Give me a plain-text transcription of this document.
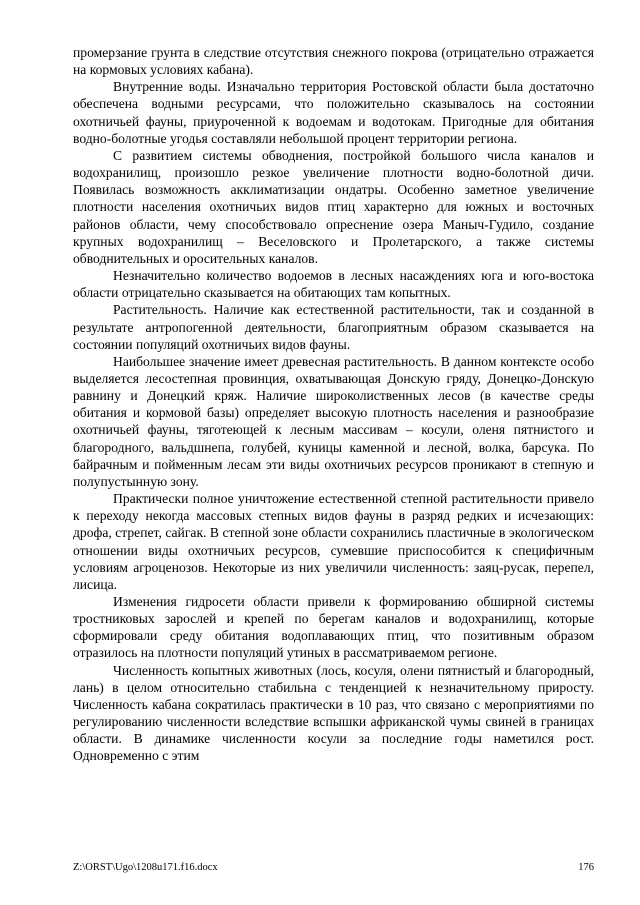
промерзание грунта в следствие отсутствия снежного покрова (отрицательно отражается на кормовых условиях кабана).

Внутренние воды. Изначально территория Ростовской области была достаточно обеспечена водными ресурсами, что положительно сказывалось на состоянии охотничьей фауны, приуроченной к водоемам и водотокам. Пригодные для обитания водно-болотные угодья составляли небольшой процент территории региона.

С развитием системы обводнения, постройкой большого числа каналов и водохранилищ, произошло резкое увеличение плотности водно-болотной дичи. Появилась возможность акклиматизации ондатры. Особенно заметное увеличение плотности населения охотничьих видов птиц характерно для южных и восточных районов области, чему способствовало опреснение озера Маныч-Гудило, создание крупных водохранилищ – Веселовского и Пролетарского, а также системы обводнительных и оросительных каналов.

Незначительно количество водоемов в лесных насаждениях юга и юго-востока области отрицательно сказывается на обитающих там копытных.

Растительность. Наличие как естественной растительности, так и созданной в результате антропогенной деятельности, благоприятным образом сказывается на состоянии популяций охотничьих видов фауны.

Наибольшее значение имеет древесная растительность. В данном контексте особо выделяется лесостепная провинция, охватывающая Донскую гряду, Донецко-Донскую равнину и Донецкий кряж. Наличие широколиственных лесов (в качестве среды обитания и кормовой базы) определяет высокую плотность населения и разнообразие охотничьей фауны, тяготеющей к лесным массивам – косули, оленя пятнистого и благородного, вальдшнепа, голубей, куницы каменной и лесной, волка, барсука. По байрачным и пойменным лесам эти виды охотничьих ресурсов проникают в степную и полупустынную зону.

Практически полное уничтожение естественной степной растительности привело к переходу некогда массовых степных видов фауны в разряд редких и исчезающих: дрофа, стрепет, сайгак. В степной зоне области сохранились пластичные в экологическом отношении виды охотничьих ресурсов, сумевшие приспособится к специфичным условиям агроценозов. Некоторые из них увеличили численность: заяц-русак, перепел, лисица.

Изменения гидросети области привели к формированию обширной системы тростниковых зарослей и крепей по берегам каналов и водохранилищ, которые сформировали среду обитания водоплавающих птиц, что позитивным образом отразилось на плотности популяций утиных в рассматриваемом регионе.

Численность копытных животных (лось, косуля, олени пятнистый и благородный, лань) в целом относительно стабильна с тенденцией к незначительному приросту. Численность кабана сократилась практически в 10 раз, что связано с мероприятиями по регулированию численности вследствие вспышки африканской чумы свиней в границах области. В динамике численности косули за последние годы наметился рост. Одновременно с этим

Z:\ORST\Ugo\1208u171.f16.docx	176
